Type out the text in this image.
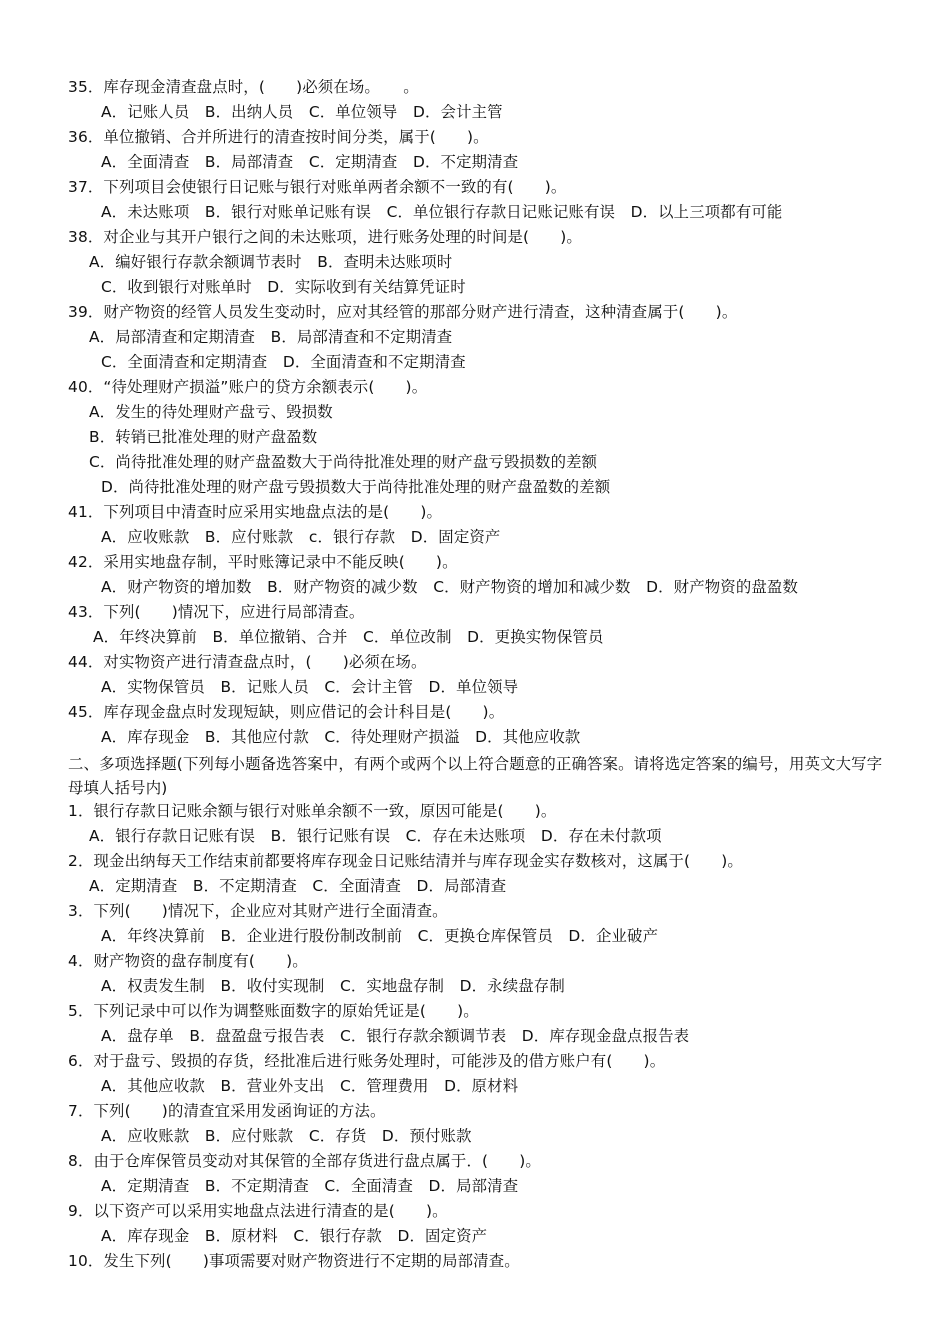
35．库存现金清查盘点时，(　　)必须在场。　　。
A．记账人员　B．出纳人员　C．单位领导　D．会计主管
36．单位撤销、合并所进行的清查按时间分类，属于(　　)。
A．全面清查　B．局部清查　C．定期清查　D．不定期清查
37．下列项目会使银行日记账与银行对账单两者余额不一致的有(　　)。
A．未达账项　B．银行对账单记账有误　C．单位银行存款日记账记账有误　D．以上三项都有可能
38．对企业与其开户银行之间的未达账项，进行账务处理的时间是(　　)。
A．编好银行存款余额调节表时　B．查明未达账项时
C．收到银行对账单时　D．实际收到有关结算凭证时
39．财产物资的经管人员发生变动时，应对其经管的那部分财产进行清查，这种清查属于(　　)。
A．局部清查和定期清查　B．局部清查和不定期清查
C．全面清查和定期清查　D．全面清查和不定期清查
40．“待处理财产损溢”账户的贷方余额表示(　　)。
A．发生的待处理财产盘亏、毁损数
B．转销已批准处理的财产盘盈数
C．尚待批准处理的财产盘盈数大于尚待批准处理的财产盘亏毁损数的差额
D．尚待批准处理的财产盘亏毁损数大于尚待批准处理的财产盘盈数的差额
41．下列项目中清查时应采用实地盘点法的是(　　)。
A．应收账款　B．应付账款　c．银行存款　D．固定资产
42．采用实地盘存制，平时账簿记录中不能反映(　　)。
A．财产物资的增加数　B．财产物资的减少数　C．财产物资的增加和减少数　D．财产物资的盘盈数
43．下列(　　)情况下，应进行局部清查。
A．年终决算前　B．单位撤销、合并　C．单位改制　D．更换实物保管员
44．对实物资产进行清查盘点时，(　　)必须在场。
A．实物保管员　B．记账人员　C．会计主管　D．单位领导
45．库存现金盘点时发现短缺，则应借记的会计科目是(　　)。
A．库存现金　B．其他应付款　C．待处理财产损溢　D．其他应收款
二、多项选择题(下列每小题备选答案中，有两个或两个以上符合题意的正确答案。请将选定答案的编号，用英文大写字母填人括号内)
1．银行存款日记账余额与银行对账单余额不一致，原因可能是(　　)。
A．银行存款日记账有误　B．银行记账有误　C．存在未达账项　D．存在未付款项
2．现金出纳每天工作结束前都要将库存现金日记账结清并与库存现金实存数核对，这属于(　　)。
A．定期清查　B．不定期清查　C．全面清查　D．局部清查
3．下列(　　)情况下，企业应对其财产进行全面清查。
A．年终决算前　B．企业进行股份制改制前　C．更换仓库保管员　D．企业破产
4．财产物资的盘存制度有(　　)。
A．权责发生制　B．收付实现制　C．实地盘存制　D．永续盘存制
5．下列记录中可以作为调整账面数字的原始凭证是(　　)。
A．盘存单　B．盘盈盘亏报告表　C．银行存款余额调节表　D．库存现金盘点报告表
6．对于盘亏、毁损的存货，经批准后进行账务处理时，可能涉及的借方账户有(　　)。
A．其他应收款　B．营业外支出　C．管理费用　D．原材料
7．下列(　　)的清查宜采用发函询证的方法。
A．应收账款　B．应付账款　C．存货　D．预付账款
8．由于仓库保管员变动对其保管的全部存货进行盘点属于．(　　)。
A．定期清查　B．不定期清查　C．全面清查　D．局部清查
9．以下资产可以采用实地盘点法进行清查的是(　　)。
A．库存现金　B．原材料　C．银行存款　D．固定资产
10．发生下列(　　)事项需要对财产物资进行不定期的局部清查。
